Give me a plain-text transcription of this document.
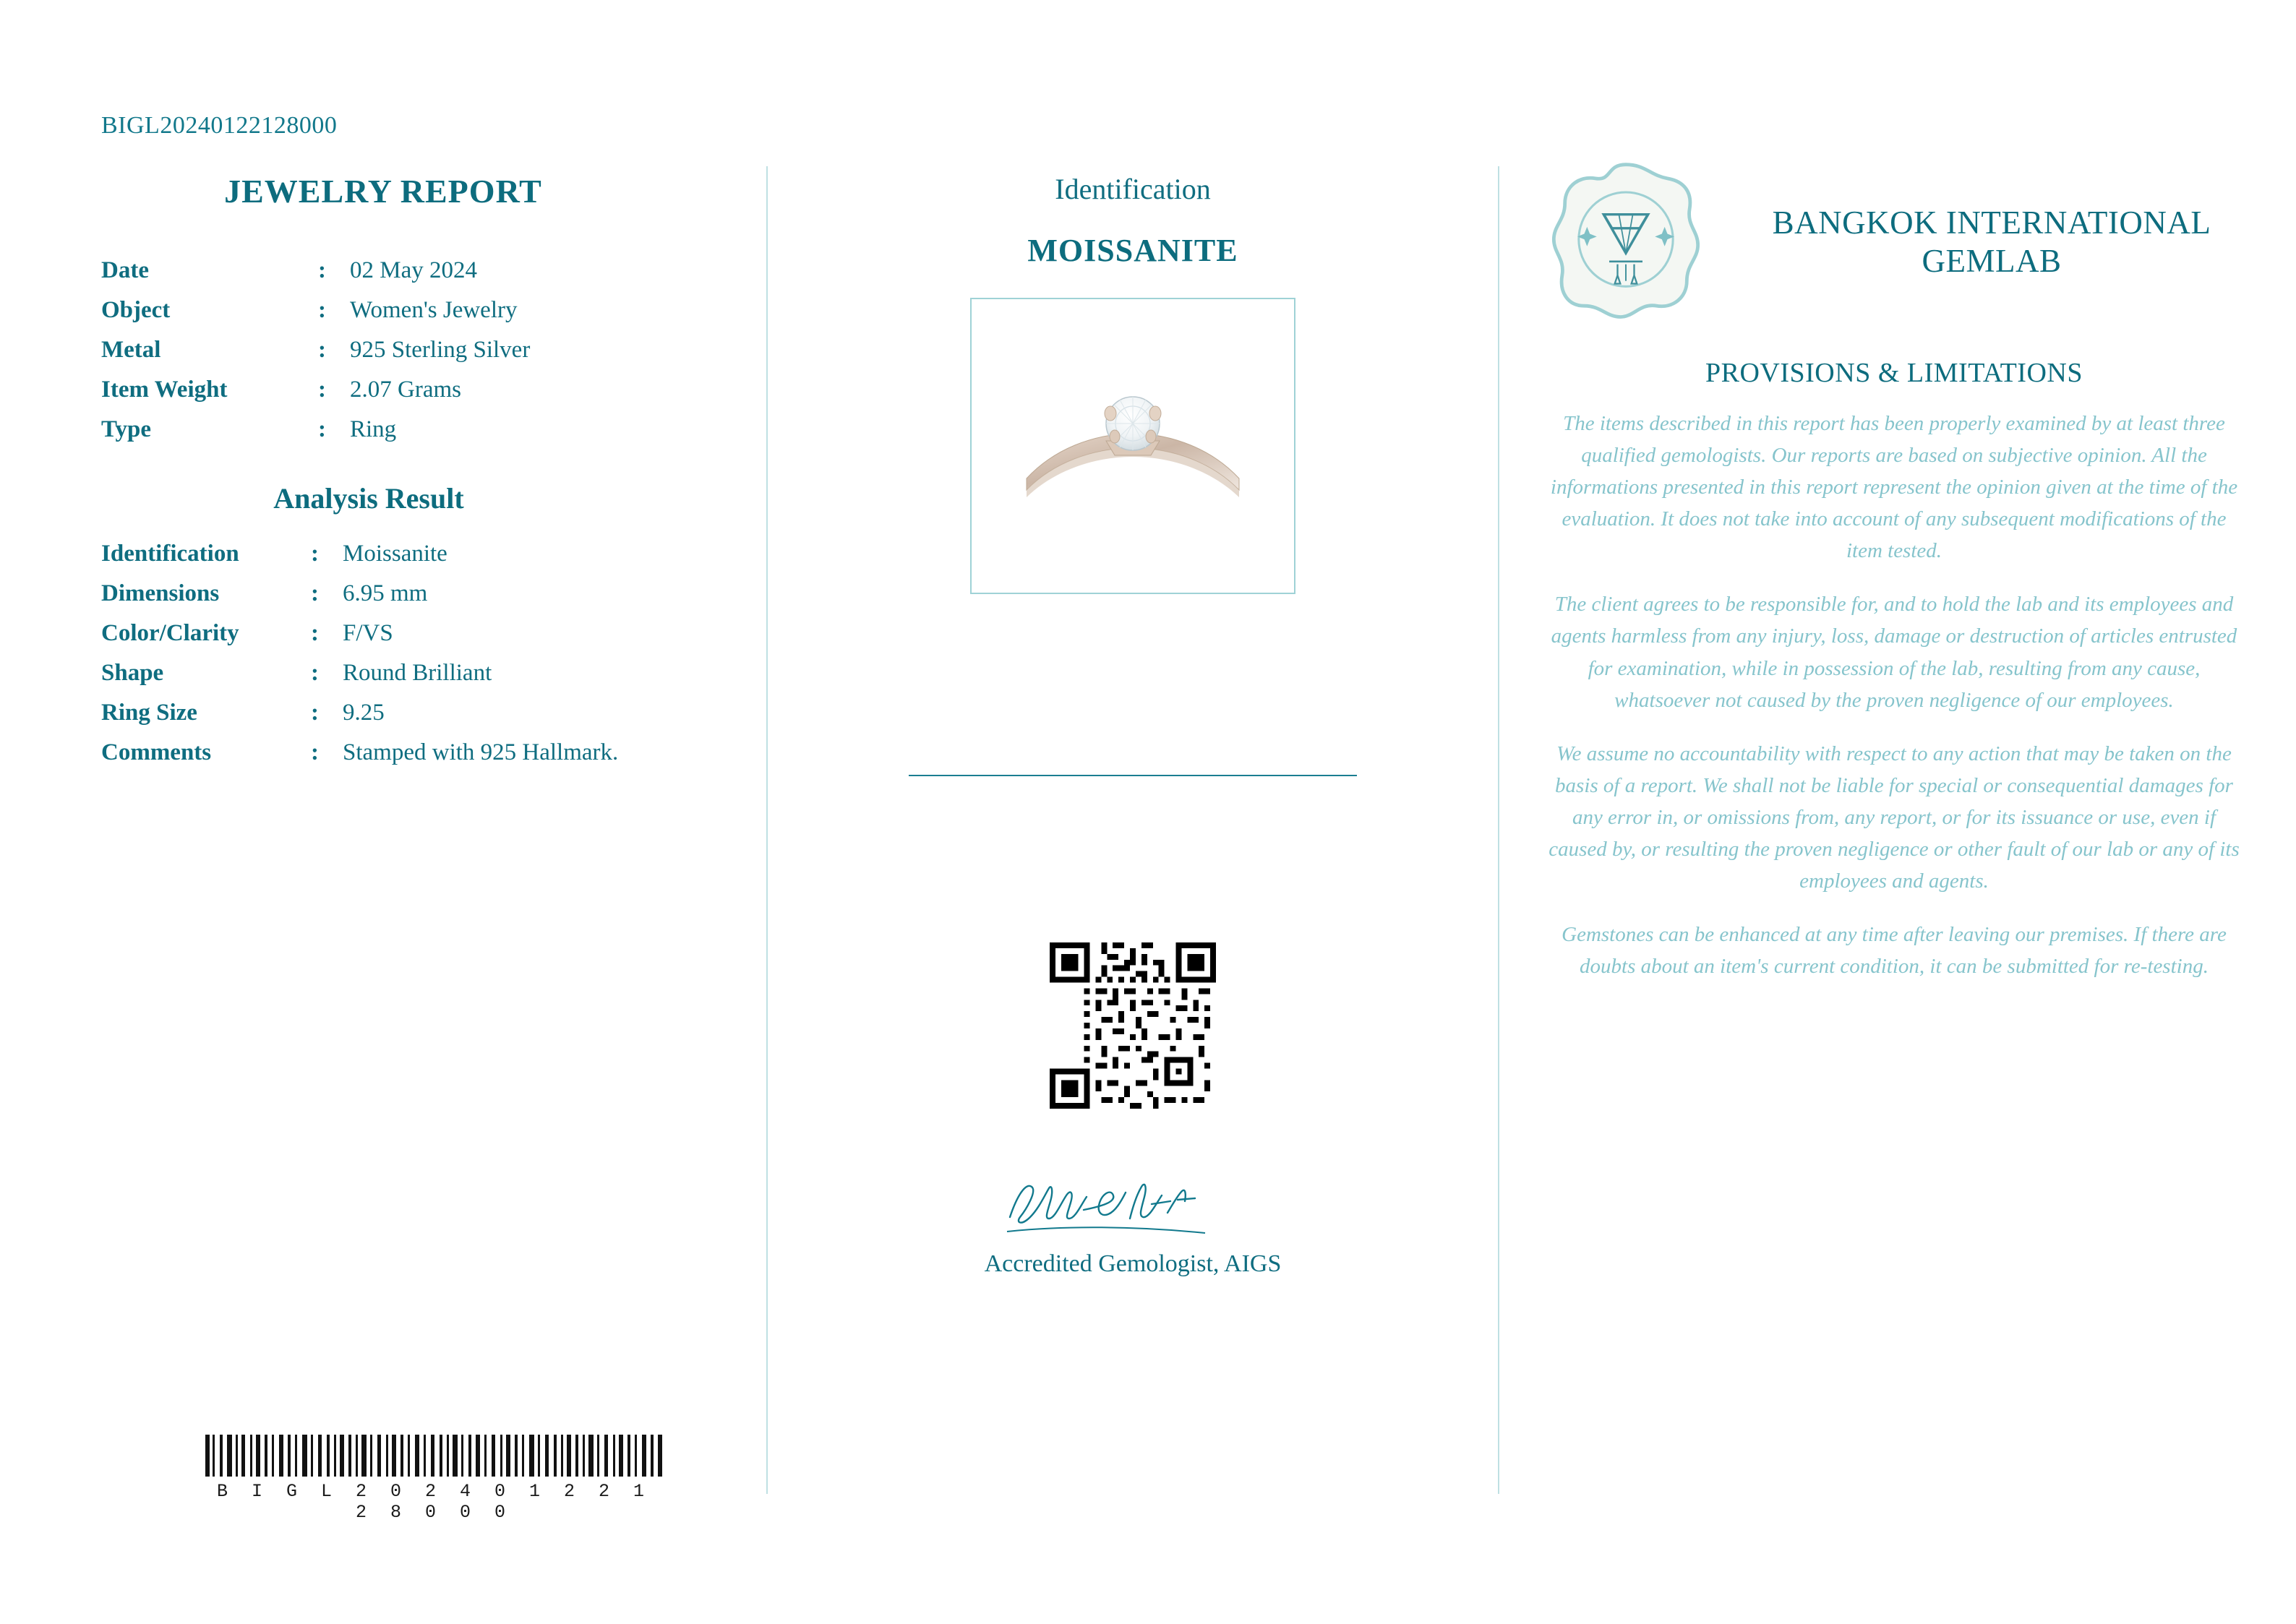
BIGL20240122128000
JEWELRY REPORT
Date	:	02 May 2024
Object	:	Women's Jewelry
Metal	:	925 Sterling Silver
Item Weight	:	2.07 Grams
Type	:	Ring
Analysis Result
Identification	:	Moissanite
Dimensions	:	6.95 mm
Color/Clarity	:	F/VS
Shape	:	Round Brilliant
Ring Size	:	9.25
Comments	:	Stamped with 925 Hallmark.
B I G L 2 0 2 4 0 1 2 2 1 2 8 0 0 0
Identification
MOISSANITE
Accredited Gemologist, AIGS
BANGKOK INTERNATIONAL GEMLAB
PROVISIONS & LIMITATIONS

The items described in this report has been properly examined by at least three qualified gemologists. Our reports are based on subjective opinion. All the informations presented in this report represent the opinion given at the time of the evaluation. It does not take into account of any subsequent modifications of the item tested.

The client agrees to be responsible for, and to hold the lab and its employees and agents harmless from any injury, loss, damage or destruction of articles entrusted for examination, while in possession of the lab, resulting from any cause, whatsoever not caused by the proven negligence of our employees.

We assume no accountability with respect to any action that may be taken on the basis of a report. We shall not be liable for special or consequential damages for any error in, or omissions from, any report, or for its issuance or use, even if caused by, or resulting the proven negligence or other fault of our lab or any of its employees and agents.

Gemstones can be enhanced at any time after leaving our premises. If there are doubts about an item's current condition, it can be submitted for re-testing.
